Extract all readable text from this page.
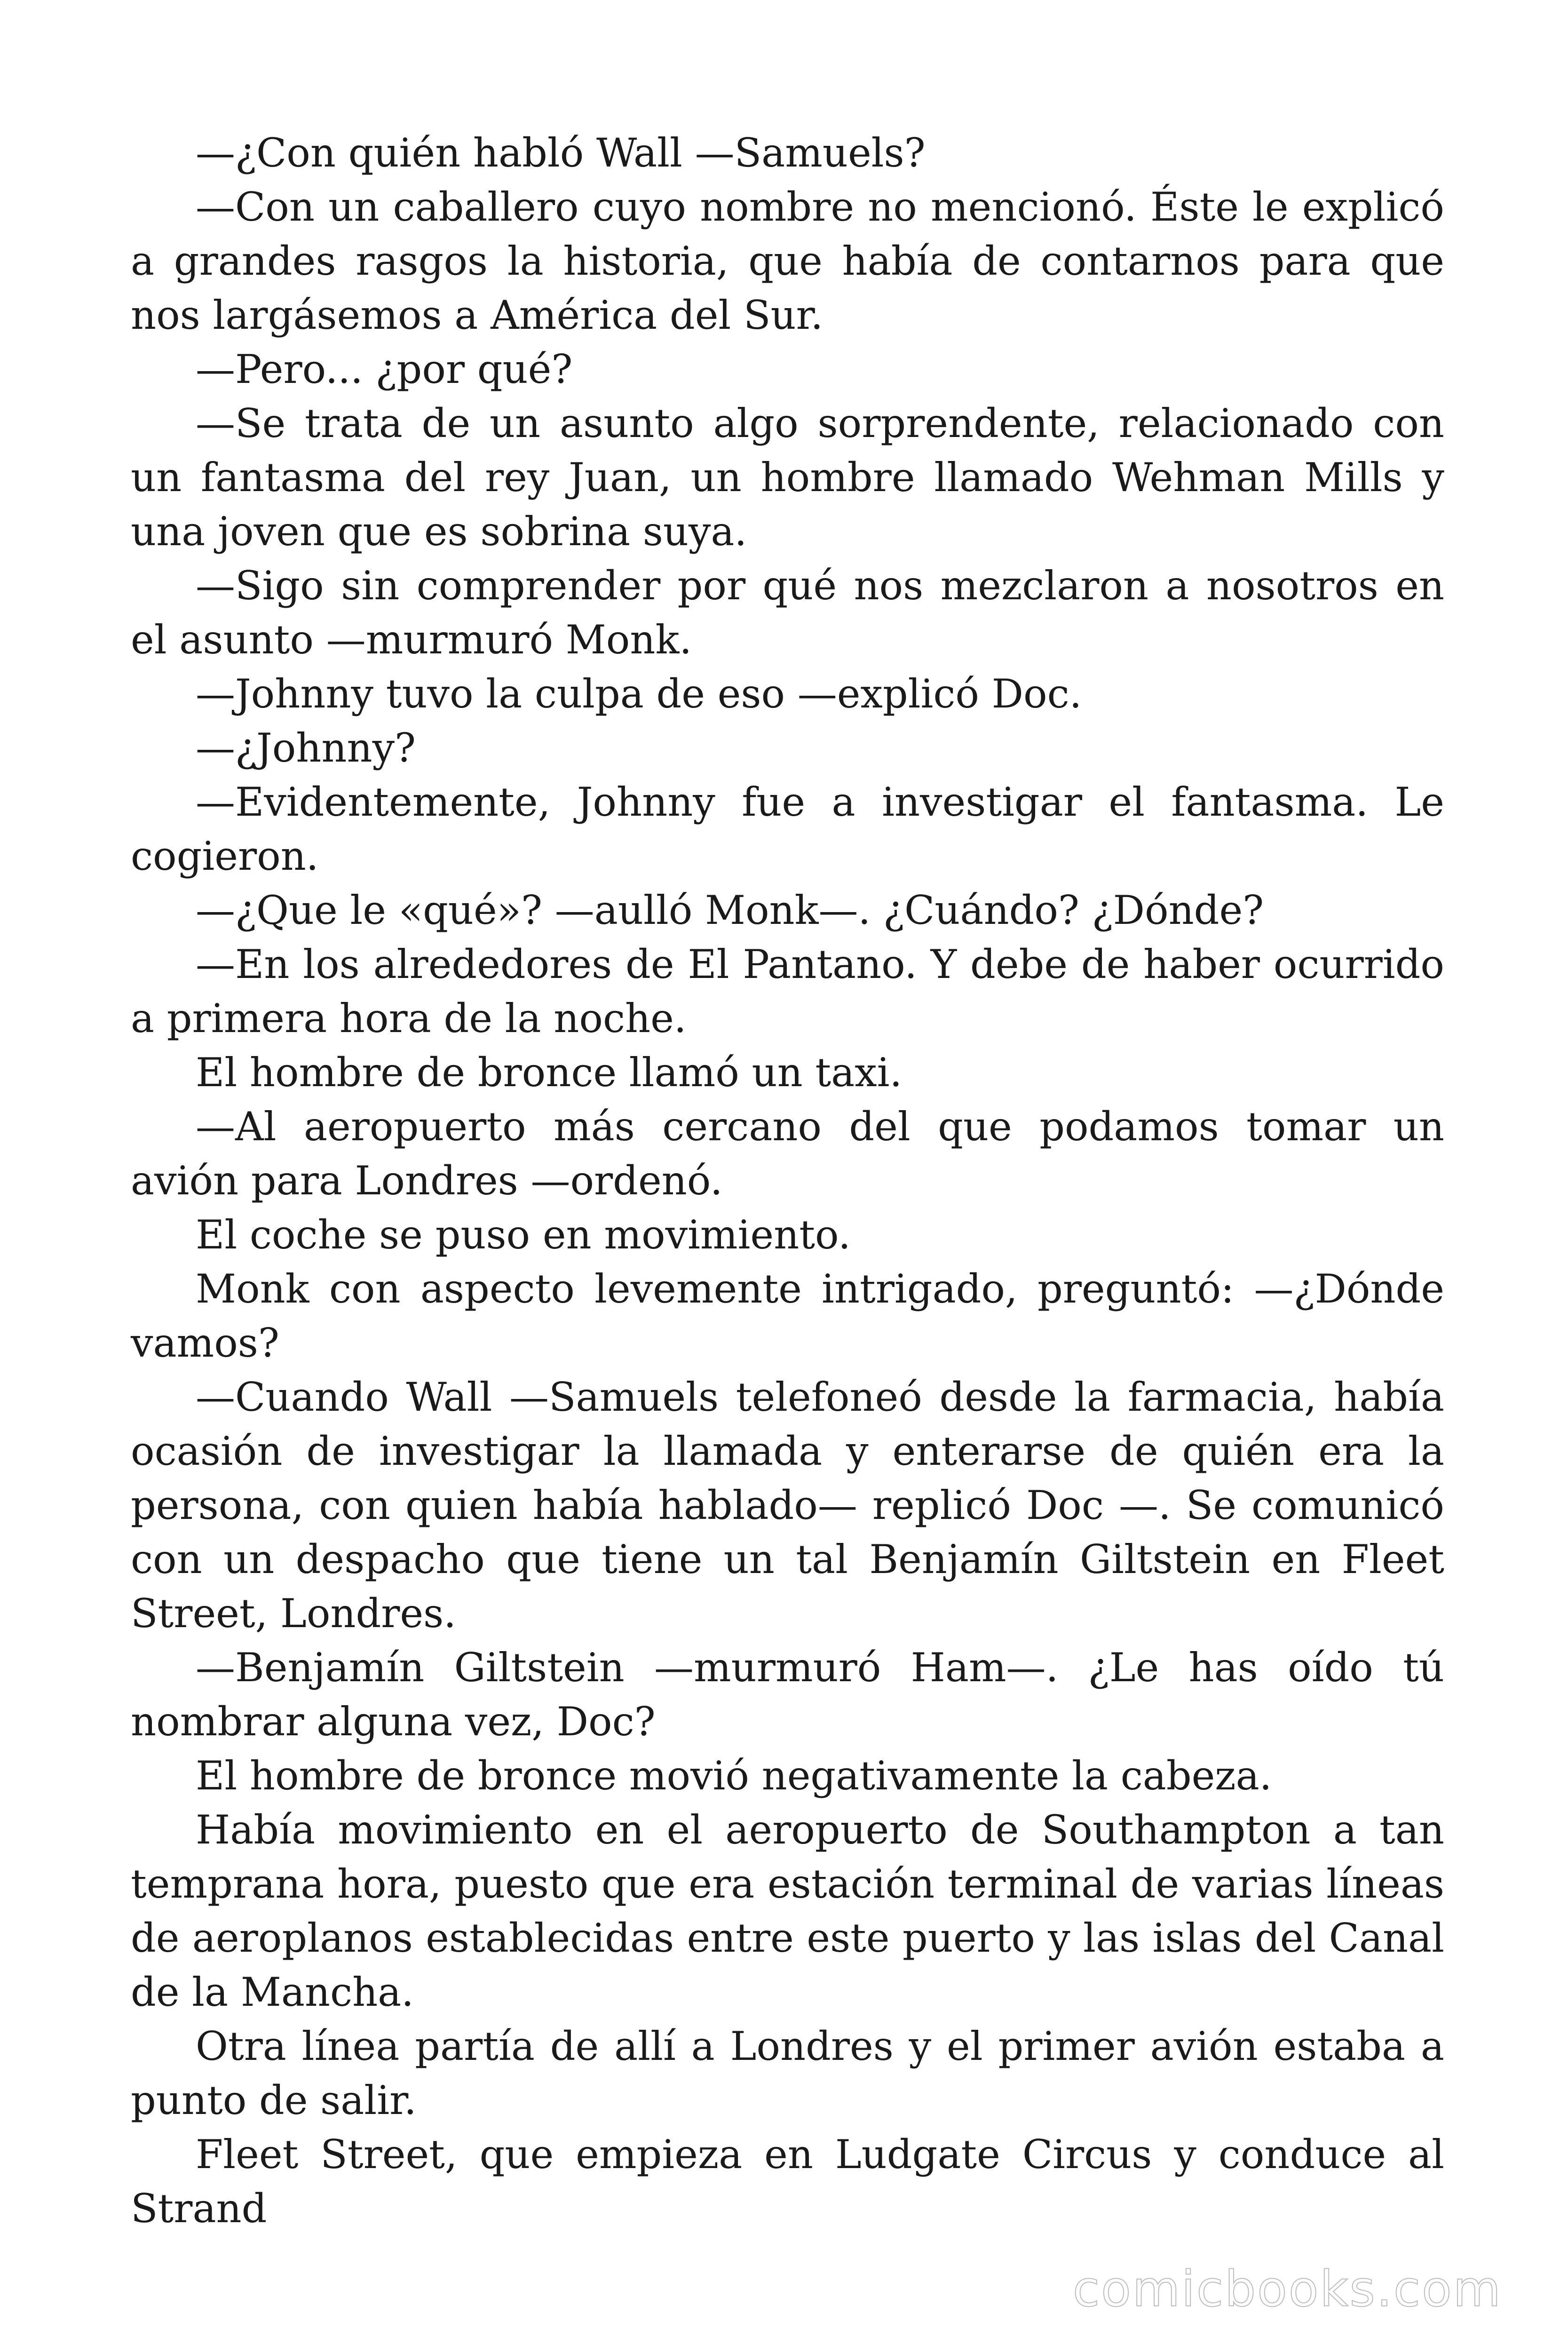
—¿Con quién habló Wall —Samuels?

—Con un caballero cuyo nombre no mencionó. Éste le explicó a grandes rasgos la historia, que había de contarnos para que nos largásemos a América del Sur.

—Pero... ¿por qué?

—Se trata de un asunto algo sorprendente, relacionado con un fantasma del rey Juan, un hombre llamado Wehman Mills y una joven que es sobrina suya.

—Sigo sin comprender por qué nos mezclaron a nosotros en el asunto —murmuró Monk.

—Johnny tuvo la culpa de eso —explicó Doc.

—¿Johnny?

—Evidentemente, Johnny fue a investigar el fantasma. Le cogieron.

—¿Que le «qué»? —aulló Monk—. ¿Cuándo? ¿Dónde?

—En los alrededores de El Pantano. Y debe de haber ocurrido a primera hora de la noche.

El hombre de bronce llamó un taxi.

—Al aeropuerto más cercano del que podamos tomar un avión para Londres —ordenó.

El coche se puso en movimiento.

Monk con aspecto levemente intrigado, preguntó: —¿Dónde vamos?

—Cuando Wall —Samuels telefoneó desde la farmacia, había ocasión de investigar la llamada y enterarse de quién era la persona, con quien había hablado— replicó Doc —. Se comunicó con un despacho que tiene un tal Benjamín Giltstein en Fleet Street, Londres.

—Benjamín Giltstein —murmuró Ham—. ¿Le has oído tú nombrar alguna vez, Doc?

El hombre de bronce movió negativamente la cabeza.

Había movimiento en el aeropuerto de Southampton a tan temprana hora, puesto que era estación terminal de varias líneas de aeroplanos establecidas entre este puerto y las islas del Canal de la Mancha.

Otra línea partía de allí a Londres y el primer avión estaba a punto de salir.

Fleet Street, que empieza en Ludgate Circus y conduce al Strand

comicbooks.com
